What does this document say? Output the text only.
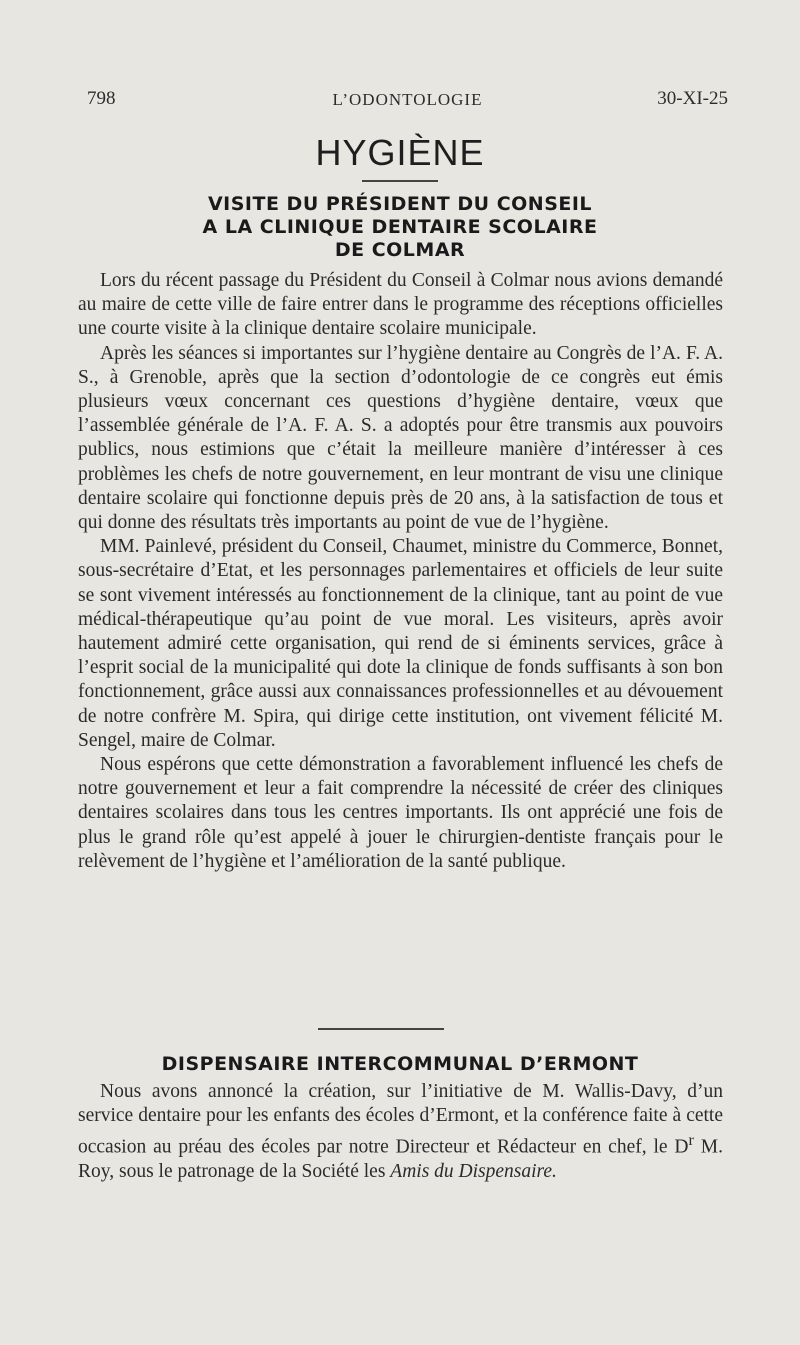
798	L’ODONTOLOGIE	30-XI-25
HYGIÈNE
VISITE DU PRÉSIDENT DU CONSEIL
A LA CLINIQUE DENTAIRE SCOLAIRE
DE COLMAR

Lors du récent passage du Président du Conseil à Colmar nous avions demandé au maire de cette ville de faire entrer dans le programme des réceptions officielles une courte visite à la clinique dentaire scolaire municipale.

Après les séances si importantes sur l’hygiène dentaire au Congrès de l’A. F. A. S., à Grenoble, après que la section d’odontologie de ce congrès eut émis plusieurs vœux concernant ces questions d’hygiène dentaire, vœux que l’assemblée générale de l’A. F. A. S. a adoptés pour être transmis aux pouvoirs publics, nous estimions que c’était la meilleure manière d’intéresser à ces problèmes les chefs de notre gouvernement, en leur montrant de visu une clinique dentaire scolaire qui fonctionne depuis près de 20 ans, à la satisfaction de tous et qui donne des résultats très importants au point de vue de l’hygiène.

MM. Painlevé, président du Conseil, Chaumet, ministre du Commerce, Bonnet, sous-secrétaire d’Etat, et les personnages parlementaires et officiels de leur suite se sont vivement intéressés au fonctionnement de la clinique, tant au point de vue médical-thérapeutique qu’au point de vue moral. Les visiteurs, après avoir hautement admiré cette organisation, qui rend de si éminents services, grâce à l’esprit social de la municipalité qui dote la clinique de fonds suffisants à son bon fonctionnement, grâce aussi aux connaissances professionnelles et au dévouement de notre confrère M. Spira, qui dirige cette institution, ont vivement félicité M. Sengel, maire de Colmar.

Nous espérons que cette démonstration a favorablement influencé les chefs de notre gouvernement et leur a fait comprendre la nécessité de créer des cliniques dentaires scolaires dans tous les centres importants. Ils ont apprécié une fois de plus le grand rôle qu’est appelé à jouer le chirurgien-dentiste français pour le relèvement de l’hygiène et l’amélioration de la santé publique.

DISPENSAIRE INTERCOMMUNAL D’ERMONT

Nous avons annoncé la création, sur l’initiative de M. Wallis-Davy, d’un service dentaire pour les enfants des écoles d’Ermont, et la conférence faite à cette occasion au préau des écoles par notre Directeur et Rédacteur en chef, le $D^r$ M. Roy, sous le patronage de la Société les Amis du Dispensaire.
